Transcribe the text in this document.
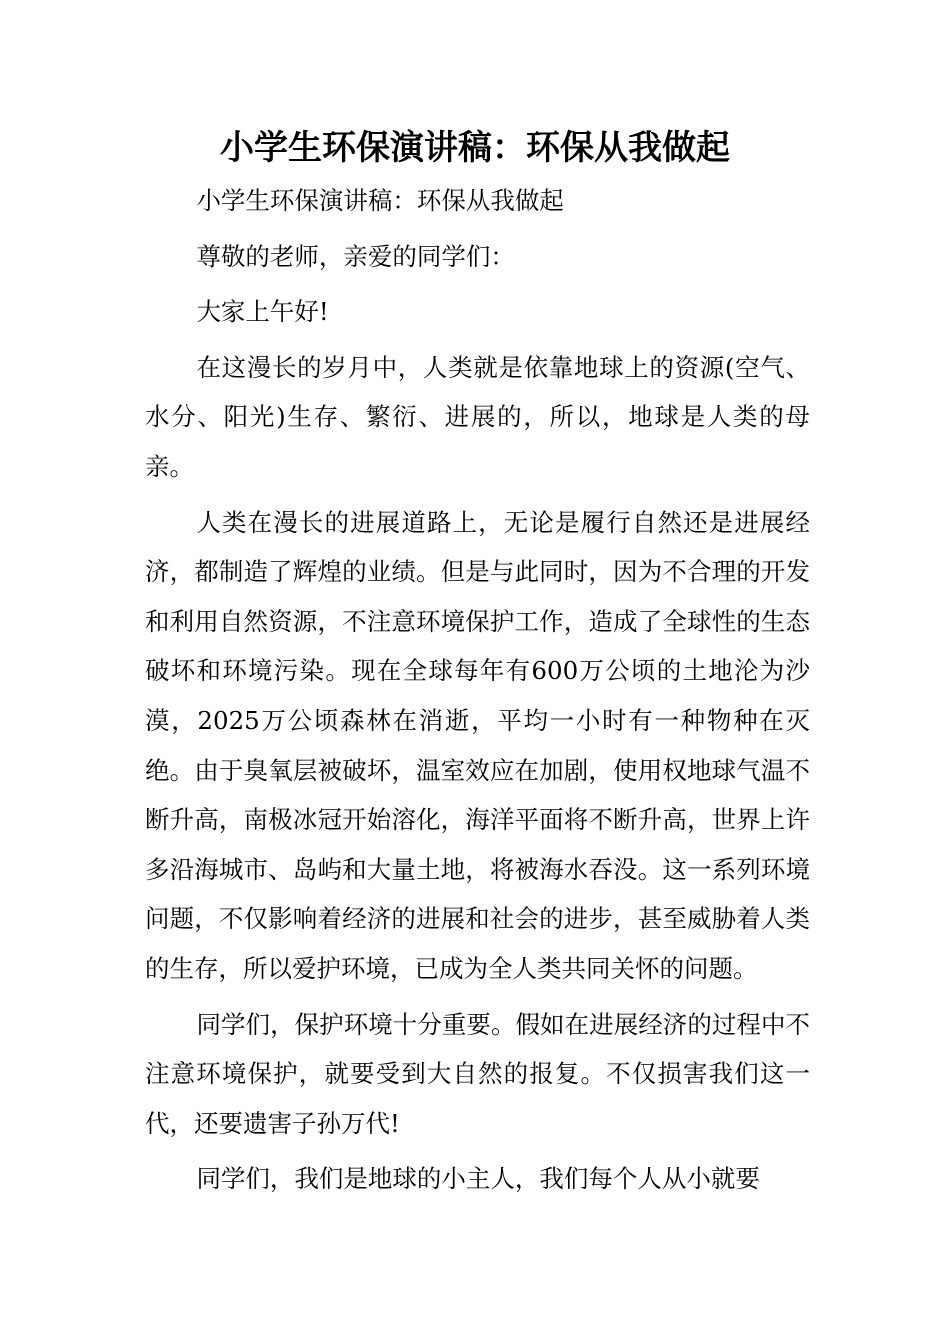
小学生环保演讲稿：环保从我做起

小学生环保演讲稿：环保从我做起

尊敬的老师，亲爱的同学们：

大家上午好!

在这漫长的岁月中，人类就是依靠地球上的资源(空气、水分、阳光)生存、繁衍、进展的，所以，地球是人类的母亲。

人类在漫长的进展道路上，无论是履行自然还是进展经济，都制造了辉煌的业绩。但是与此同时，因为不合理的开发和利用自然资源，不注意环境保护工作，造成了全球性的生态破坏和环境污染。现在全球每年有600万公顷的土地沦为沙漠，2025万公顷森林在消逝，平均一小时有一种物种在灭绝。由于臭氧层被破坏，温室效应在加剧，使用权地球气温不断升高，南极冰冠开始溶化，海洋平面将不断升高，世界上许多沿海城市、岛屿和大量土地，将被海水吞没。这一系列环境问题，不仅影响着经济的进展和社会的进步，甚至威胁着人类的生存，所以爱护环境，已成为全人类共同关怀的问题。

同学们，保护环境十分重要。假如在进展经济的过程中不注意环境保护，就要受到大自然的报复。不仅损害我们这一代，还要遗害子孙万代!

同学们，我们是地球的小主人，我们每个人从小就要
